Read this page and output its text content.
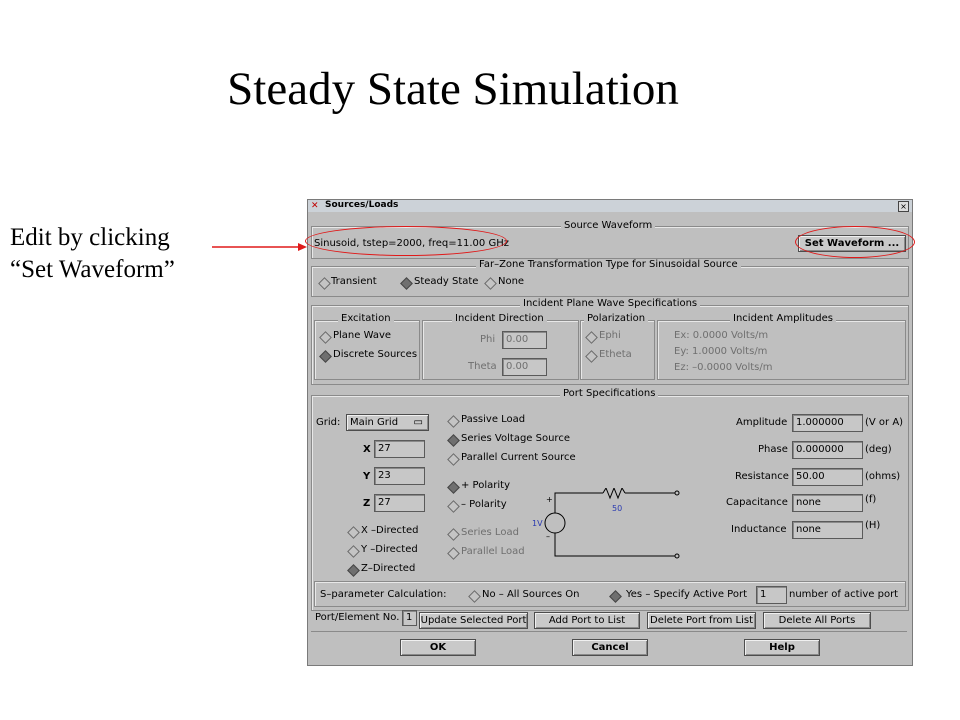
Steady State Simulation
Edit by clicking
“Set Waveform”
✕ Sources/Loads	×
Source Waveform
Sinusoid, tstep=2000, freq=11.00 GHz	Set Waveform ...
Far–Zone Transformation Type for Sinusoidal Source
Transient	Steady State None
Incident Plane Wave Specifications
Excitation
Plane Wave
Discrete Sources
Incident Direction
Phi	0.00
Theta 0.00
Polarization
Ephi
Etheta
Incident Amplitudes
Ex: 0.0000 Volts/m
Ey: 1.0000 Volts/m
Ez: –0.0000 Volts/m
Port Specifications
Grid: Main Grid ▭
X 27
Y 23
Z 27
X –Directed
Y –Directed
Z–Directed
Passive Load
Series Voltage Source
Parallel Current Source
+ Polarity
– Polarity
Series Load
Parallel Load
+
–
1V
50
Amplitude 1.000000	(V or A)
Phase 0.000000	(deg)
Resistance 50.00	(ohms)
Capacitance none	(f)
Inductance none	(H)
S–parameter Calculation:	No – All Sources On	Yes – Specify Active Port	1	number of active port
Port/Element No. 1 Update Selected Port	Add Port to List	Delete Port from List	Delete All Ports
OK	Cancel	Help
